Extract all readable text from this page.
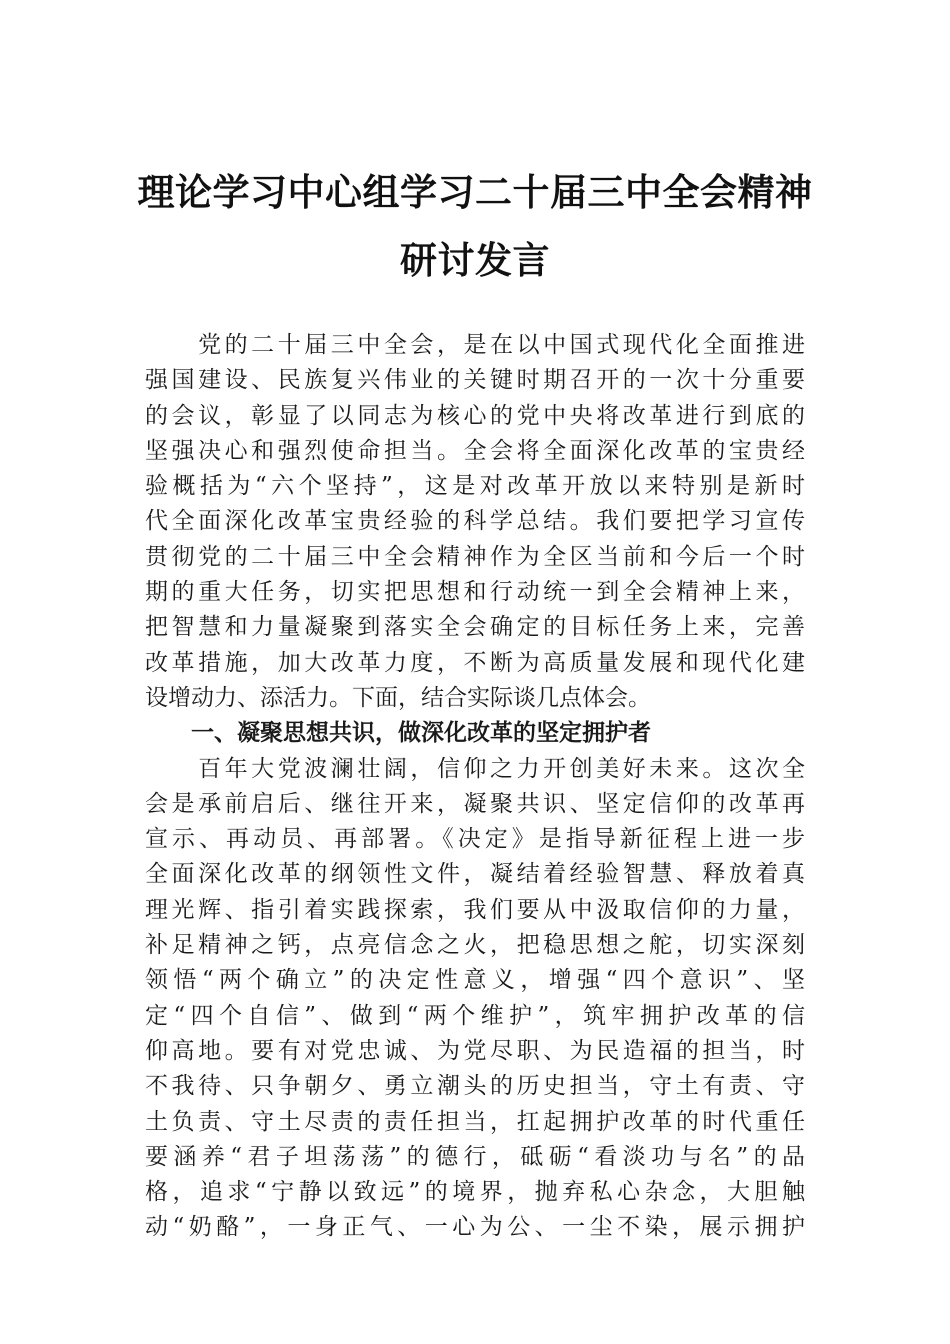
理论学习中心组学习二十届三中全会精神
研讨发言
　　党的二十届三中全会，是在以中国式现代化全面推进
强国建设、民族复兴伟业的关键时期召开的一次十分重要
的会议，彰显了以同志为核心的党中央将改革进行到底的
坚强决心和强烈使命担当。全会将全面深化改革的宝贵经
验概括为“六个坚持”，这是对改革开放以来特别是新时
代全面深化改革宝贵经验的科学总结。我们要把学习宣传
贯彻党的二十届三中全会精神作为全区当前和今后一个时
期的重大任务，切实把思想和行动统一到全会精神上来，
把智慧和力量凝聚到落实全会确定的目标任务上来，完善
改革措施，加大改革力度，不断为高质量发展和现代化建
设增动力、添活力。下面，结合实际谈几点体会。
　　一、凝聚思想共识，做深化改革的坚定拥护者
　　百年大党波澜壮阔，信仰之力开创美好未来。这次全
会是承前启后、继往开来，凝聚共识、坚定信仰的改革再
宣示、再动员、再部署。《决定》是指导新征程上进一步
全面深化改革的纲领性文件，凝结着经验智慧、释放着真
理光辉、指引着实践探索，我们要从中汲取信仰的力量，
补足精神之钙，点亮信念之火，把稳思想之舵，切实深刻
领悟“两个确立”的决定性意义，增强“四个意识”、坚
定“四个自信”、做到“两个维护”，筑牢拥护改革的信
仰高地。要有对党忠诚、为党尽职、为民造福的担当，时
不我待、只争朝夕、勇立潮头的历史担当，守土有责、守
土负责、守土尽责的责任担当，扛起拥护改革的时代重任
要涵养“君子坦荡荡”的德行，砥砺“看淡功与名”的品
格，追求“宁静以致远”的境界，抛弃私心杂念，大胆触
动“奶酪”，一身正气、一心为公、一尘不染，展示拥护
